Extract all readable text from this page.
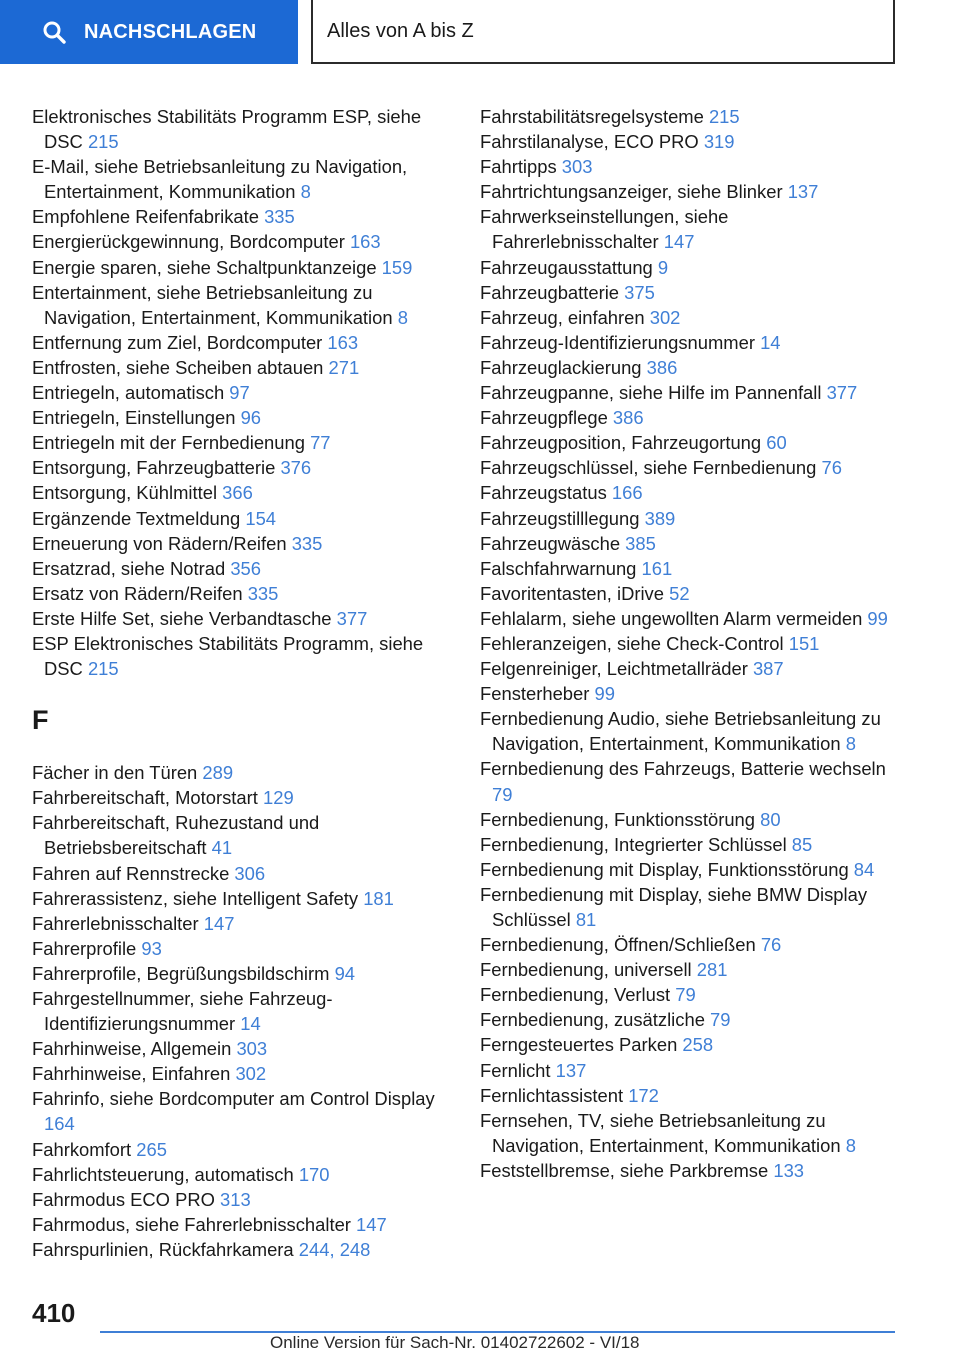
NACHSCHLAGEN	Alles von A bis Z
Elektronisches Stabilitäts Programm ESP, siehe DSC 215
E-Mail, siehe Betriebsanleitung zu Navigation, Entertainment, Kommunikation 8
Empfohlene Reifenfabrikate 335
Energierückgewinnung, Bordcomputer 163
Energie sparen, siehe Schaltpunktanzeige 159
Entertainment, siehe Betriebsanleitung zu Navigation, Entertainment, Kommunikation 8
Entfernung zum Ziel, Bordcomputer 163
Entfrosten, siehe Scheiben abtauen 271
Entriegeln, automatisch 97
Entriegeln, Einstellungen 96
Entriegeln mit der Fernbedienung 77
Entsorgung, Fahrzeugbatterie 376
Entsorgung, Kühlmittel 366
Ergänzende Textmeldung 154
Erneuerung von Rädern/Reifen 335
Ersatzrad, siehe Notrad 356
Ersatz von Rädern/Reifen 335
Erste Hilfe Set, siehe Verbandtasche 377
ESP Elektronisches Stabilitäts Programm, siehe DSC 215
F
Fächer in den Türen 289
Fahrbereitschaft, Motorstart 129
Fahrbereitschaft, Ruhezustand und Betriebsbereitschaft 41
Fahren auf Rennstrecke 306
Fahrerassistenz, siehe Intelligent Safety 181
Fahrerlebnisschalter 147
Fahrerprofile 93
Fahrerprofile, Begrüßungsbildschirm 94
Fahrgestellnummer, siehe Fahrzeug-Identifizierungsnummer 14
Fahrhinweise, Allgemein 303
Fahrhinweise, Einfahren 302
Fahrinfo, siehe Bordcomputer am Control Display 164
Fahrkomfort 265
Fahrlichtsteuerung, automatisch 170
Fahrmodus ECO PRO 313
Fahrmodus, siehe Fahrerlebnisschalter 147
Fahrspurlinien, Rückfahrkamera 244, 248
Fahrstabilitätsregelsysteme 215
Fahrstilanalyse, ECO PRO 319
Fahrtipps 303
Fahrtrichtungsanzeiger, siehe Blinker 137
Fahrwerkseinstellungen, siehe Fahrerlebnisschalter 147
Fahrzeugausstattung 9
Fahrzeugbatterie 375
Fahrzeug, einfahren 302
Fahrzeug-Identifizierungsnummer 14
Fahrzeuglackierung 386
Fahrzeugpanne, siehe Hilfe im Pannenfall 377
Fahrzeugpflege 386
Fahrzeugposition, Fahrzeugortung 60
Fahrzeugschlüssel, siehe Fernbedienung 76
Fahrzeugstatus 166
Fahrzeugstilllegung 389
Fahrzeugwäsche 385
Falschfahrwarnung 161
Favoritentasten, iDrive 52
Fehlalarm, siehe ungewollten Alarm vermeiden 99
Fehleranzeigen, siehe Check-Control 151
Felgenreiniger, Leichtmetallräder 387
Fensterheber 99
Fernbedienung Audio, siehe Betriebsanleitung zu Navigation, Entertainment, Kommunikation 8
Fernbedienung des Fahrzeugs, Batterie wechseln 79
Fernbedienung, Funktionsstörung 80
Fernbedienung, Integrierter Schlüssel 85
Fernbedienung mit Display, Funktionsstörung 84
Fernbedienung mit Display, siehe BMW Display Schlüssel 81
Fernbedienung, Öffnen/Schließen 76
Fernbedienung, universell 281
Fernbedienung, Verlust 79
Fernbedienung, zusätzliche 79
Ferngesteuertes Parken 258
Fernlicht 137
Fernlichtassistent 172
Fernsehen, TV, siehe Betriebsanleitung zu Navigation, Entertainment, Kommunikation 8
Feststellbremse, siehe Parkbremse 133
410
Online Version für Sach-Nr. 01402722602 - VI/18
